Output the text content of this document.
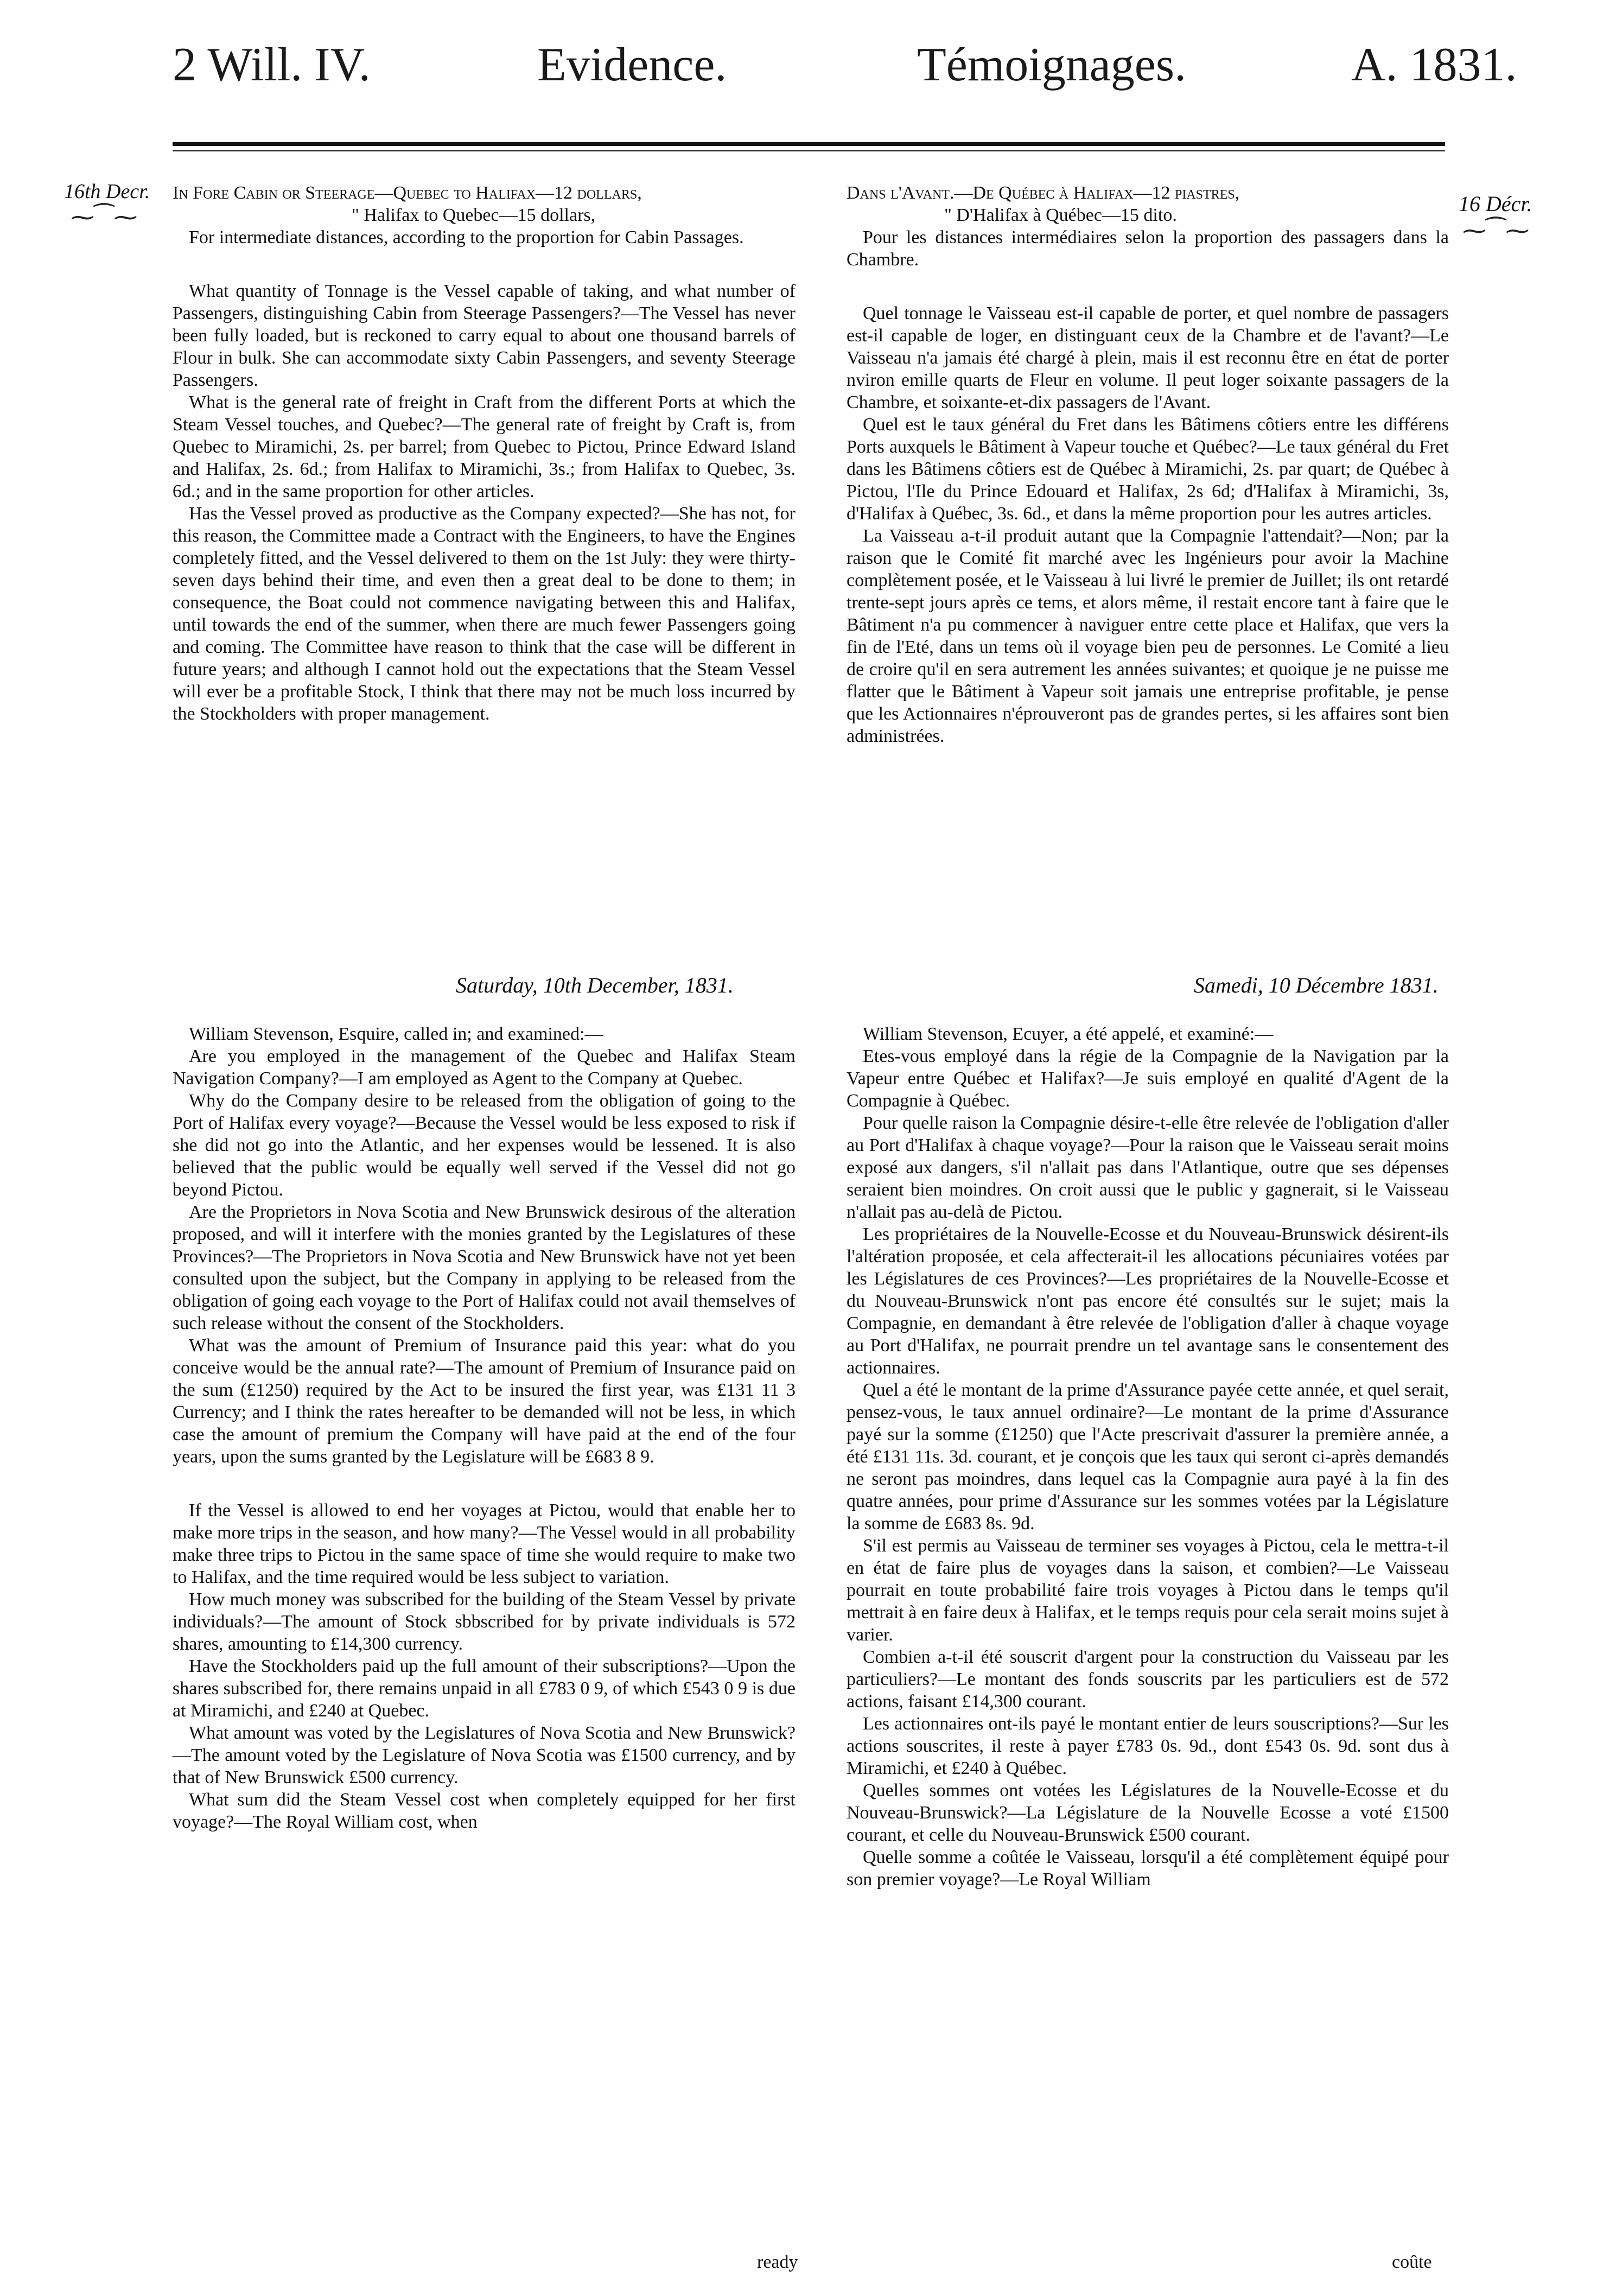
2 Will. IV.	Evidence.	Témoignages.	A. 1831.
16th Decr.
⁓⁀⁓
16 Décr.
⁓⁀⁓

In Fore Cabin or Steerage—Quebec to Halifax—12 dollars,

" Halifax to Quebec—15 dollars,

For intermediate distances, according to the proportion for Cabin Passages.

What quantity of Tonnage is the Vessel capable of taking, and what number of Passengers, distinguishing Cabin from Steerage Passengers?—The Vessel has never been fully loaded, but is reckoned to carry equal to about one thousand barrels of Flour in bulk. She can accommodate sixty Cabin Passengers, and seventy Steerage Passengers.

What is the general rate of freight in Craft from the different Ports at which the Steam Vessel touches, and Quebec?—The general rate of freight by Craft is, from Quebec to Miramichi, 2s. per barrel; from Quebec to Pictou, Prince Edward Island and Halifax, 2s. 6d.; from Halifax to Miramichi, 3s.; from Halifax to Quebec, 3s. 6d.; and in the same proportion for other articles.

Has the Vessel proved as productive as the Company expected?—She has not, for this reason, the Committee made a Contract with the Engineers, to have the Engines completely fitted, and the Vessel delivered to them on the 1st July: they were thirty-seven days behind their time, and even then a great deal to be done to them; in consequence, the Boat could not commence navigating between this and Halifax, until towards the end of the summer, when there are much fewer Passengers going and coming. The Committee have reason to think that the case will be different in future years; and although I cannot hold out the expectations that the Steam Vessel will ever be a profitable Stock, I think that there may not be much loss incurred by the Stockholders with proper management.

Dans l'Avant.—De Québec à Halifax—12 piastres,

" D'Halifax à Québec—15 dito.

Pour les distances intermédiaires selon la proportion des passagers dans la Chambre.

Quel tonnage le Vaisseau est-il capable de porter, et quel nombre de passagers est-il capable de loger, en distinguant ceux de la Chambre et de l'avant?—Le Vaisseau n'a jamais été chargé à plein, mais il est reconnu être en état de porter nviron emille quarts de Fleur en volume. Il peut loger soixante passagers de la Chambre, et soixante-et-dix passagers de l'Avant.

Quel est le taux général du Fret dans les Bâtimens côtiers entre les différens Ports auxquels le Bâtiment à Vapeur touche et Québec?—Le taux général du Fret dans les Bâtimens côtiers est de Québec à Miramichi, 2s. par quart; de Québec à Pictou, l'Ile du Prince Edouard et Halifax, 2s 6d; d'Halifax à Miramichi, 3s, d'Halifax à Québec, 3s. 6d., et dans la même proportion pour les autres articles.

La Vaisseau a-t-il produit autant que la Compagnie l'attendait?—Non; par la raison que le Comité fit marché avec les Ingénieurs pour avoir la Machine complètement posée, et le Vaisseau à lui livré le premier de Juillet; ils ont retardé trente-sept jours après ce tems, et alors même, il restait encore tant à faire que le Bâtiment n'a pu commencer à naviguer entre cette place et Halifax, que vers la fin de l'Eté, dans un tems où il voyage bien peu de personnes. Le Comité a lieu de croire qu'il en sera autrement les années suivantes; et quoique je ne puisse me flatter que le Bâtiment à Vapeur soit jamais une entreprise profitable, je pense que les Actionnaires n'éprouveront pas de grandes pertes, si les affaires sont bien administrées.

Saturday, 10th December, 1831.	Samedi, 10 Décembre 1831.

William Stevenson, Esquire, called in; and examined:—

Are you employed in the management of the Quebec and Halifax Steam Navigation Company?—I am employed as Agent to the Company at Quebec.

Why do the Company desire to be released from the obligation of going to the Port of Halifax every voyage?—Because the Vessel would be less exposed to risk if she did not go into the Atlantic, and her expenses would be lessened. It is also believed that the public would be equally well served if the Vessel did not go beyond Pictou.

Are the Proprietors in Nova Scotia and New Brunswick desirous of the alteration proposed, and will it interfere with the monies granted by the Legislatures of these Provinces?—The Proprietors in Nova Scotia and New Brunswick have not yet been consulted upon the subject, but the Company in applying to be released from the obligation of going each voyage to the Port of Halifax could not avail themselves of such release without the consent of the Stockholders.

What was the amount of Premium of Insurance paid this year: what do you conceive would be the annual rate?—The amount of Premium of Insurance paid on the sum (£1250) required by the Act to be insured the first year, was £131 11 3 Currency; and I think the rates hereafter to be demanded will not be less, in which case the amount of premium the Company will have paid at the end of the four years, upon the sums granted by the Legislature will be £683 8 9.

If the Vessel is allowed to end her voyages at Pictou, would that enable her to make more trips in the season, and how many?—The Vessel would in all probability make three trips to Pictou in the same space of time she would require to make two to Halifax, and the time required would be less subject to variation.

How much money was subscribed for the building of the Steam Vessel by private individuals?—The amount of Stock sbbscribed for by private individuals is 572 shares, amounting to £14,300 currency.

Have the Stockholders paid up the full amount of their subscriptions?—Upon the shares subscribed for, there remains unpaid in all £783 0 9, of which £543 0 9 is due at Miramichi, and £240 at Quebec.

What amount was voted by the Legislatures of Nova Scotia and New Brunswick?—The amount voted by the Legislature of Nova Scotia was £1500 currency, and by that of New Brunswick £500 currency.

What sum did the Steam Vessel cost when completely equipped for her first voyage?—The Royal William cost, when

William Stevenson, Ecuyer, a été appelé, et examiné:—

Etes-vous employé dans la régie de la Compagnie de la Navigation par la Vapeur entre Québec et Halifax?—Je suis employé en qualité d'Agent de la Compagnie à Québec.

Pour quelle raison la Compagnie désire-t-elle être relevée de l'obligation d'aller au Port d'Halifax à chaque voyage?—Pour la raison que le Vaisseau serait moins exposé aux dangers, s'il n'allait pas dans l'Atlantique, outre que ses dépenses seraient bien moindres. On croit aussi que le public y gagnerait, si le Vaisseau n'allait pas au-delà de Pictou.

Les propriétaires de la Nouvelle-Ecosse et du Nouveau-Brunswick désirent-ils l'altération proposée, et cela affecterait-il les allocations pécuniaires votées par les Législatures de ces Provinces?—Les propriétaires de la Nouvelle-Ecosse et du Nouveau-Brunswick n'ont pas encore été consultés sur le sujet; mais la Compagnie, en demandant à être relevée de l'obligation d'aller à chaque voyage au Port d'Halifax, ne pourrait prendre un tel avantage sans le consentement des actionnaires.

Quel a été le montant de la prime d'Assurance payée cette année, et quel serait, pensez-vous, le taux annuel ordinaire?—Le montant de la prime d'Assurance payé sur la somme (£1250) que l'Acte prescrivait d'assurer la première année, a été £131 11s. 3d. courant, et je conçois que les taux qui seront ci-après demandés ne seront pas moindres, dans lequel cas la Compagnie aura payé à la fin des quatre années, pour prime d'Assurance sur les sommes votées par la Législature la somme de £683 8s. 9d.

S'il est permis au Vaisseau de terminer ses voyages à Pictou, cela le mettra-t-il en état de faire plus de voyages dans la saison, et combien?—Le Vaisseau pourrait en toute probabilité faire trois voyages à Pictou dans le temps qu'il mettrait à en faire deux à Halifax, et le temps requis pour cela serait moins sujet à varier.

Combien a-t-il été souscrit d'argent pour la construction du Vaisseau par les particuliers?—Le montant des fonds souscrits par les particuliers est de 572 actions, faisant £14,300 courant.

Les actionnaires ont-ils payé le montant entier de leurs souscriptions?—Sur les actions souscrites, il reste à payer £783 0s. 9d., dont £543 0s. 9d. sont dus à Miramichi, et £240 à Québec.

Quelles sommes ont votées les Législatures de la Nouvelle-Ecosse et du Nouveau-Brunswick?—La Législature de la Nouvelle Ecosse a voté £1500 courant, et celle du Nouveau-Brunswick £500 courant.

Quelle somme a coûtée le Vaisseau, lorsqu'il a été complètement équipé pour son premier voyage?—Le Royal William

ready	coûte
